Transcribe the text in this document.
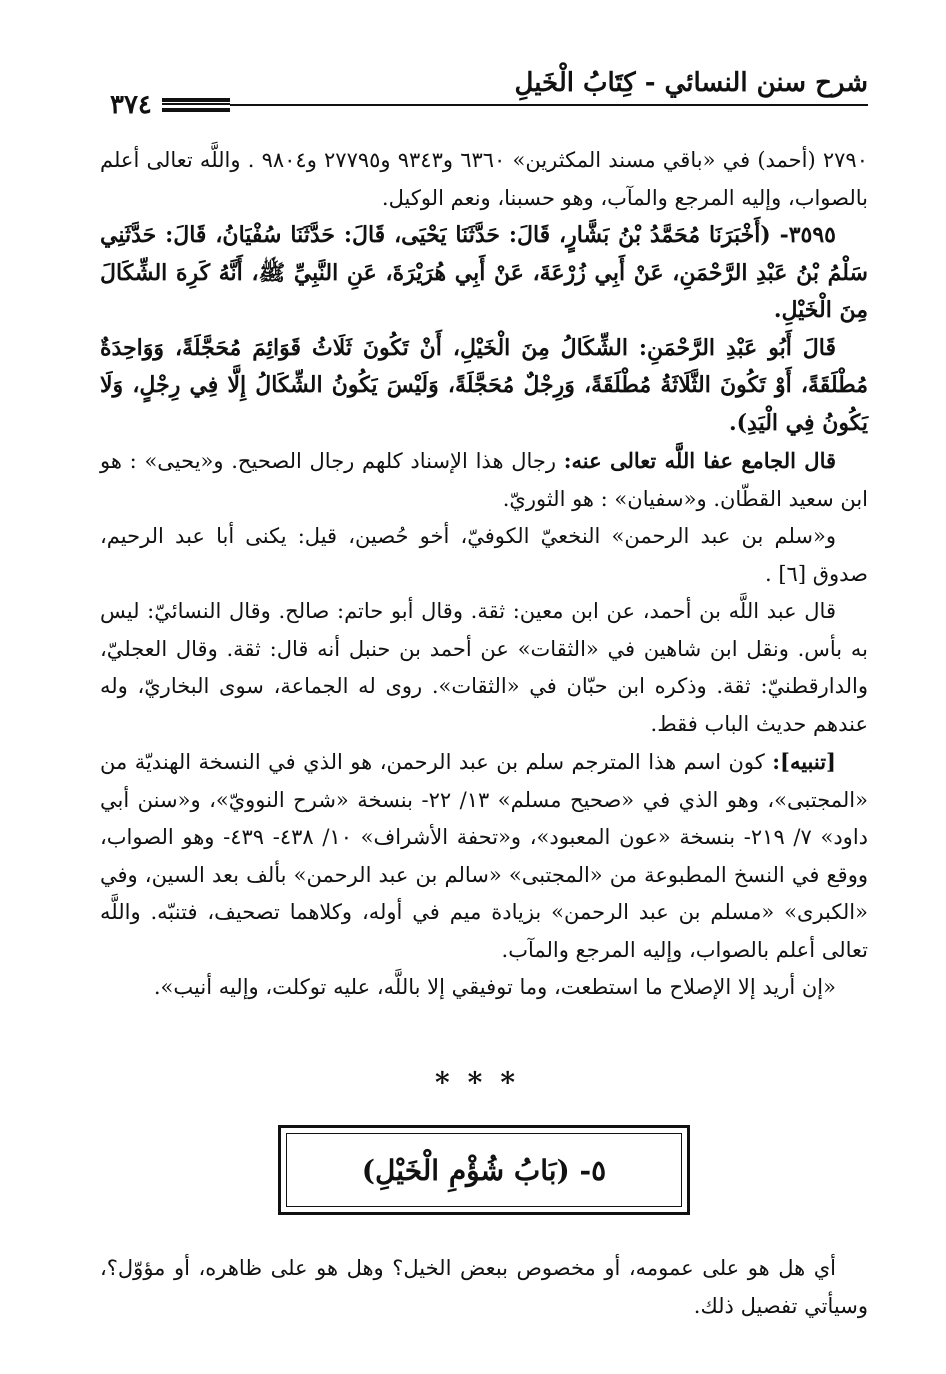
شرح سنن النسائي - كِتَابُ الْخَيلِ
٣٧٤

٢٧٩٠ (أحمد) في «باقي مسند المكثرين» ٦٣٦٠ و٩٣٤٣ و٢٧٧٩٥ و٩٨٠٤ . واللَّه تعالى أعلم بالصواب، وإليه المرجع والمآب، وهو حسبنا، ونعم الوكيل.

٣٥٩٥- (أَخْبَرَنَا مُحَمَّدُ بْنُ بَشَّارٍ، قَالَ: حَدَّثَنَا يَحْيَى، قَالَ: حَدَّثَنَا سُفْيَانُ، قَالَ: حَدَّثَنِي سَلْمُ بْنُ عَبْدِ الرَّحْمَنِ، عَنْ أَبِي زُرْعَةَ، عَنْ أَبِي هُرَيْرَةَ، عَنِ النَّبِيِّ ﷺ، أَنَّهُ كَرِهَ الشِّكَالَ مِنَ الْخَيْلِ.

قَالَ أَبُو عَبْدِ الرَّحْمَنِ: الشِّكَالُ مِنَ الْخَيْلِ، أَنْ تَكُونَ ثَلَاثُ قَوَائِمَ مُحَجَّلَةً، وَوَاحِدَةٌ مُطْلَقَةً، أَوْ تَكُونَ الثَّلَاثَةُ مُطْلَقَةً، وَرِجْلٌ مُحَجَّلَةً، وَلَيْسَ يَكُونُ الشِّكَالُ إِلَّا فِي رِجْلٍ، وَلَا يَكُونُ فِي الْيَدِ).

قال الجامع عفا اللَّه تعالى عنه: رجال هذا الإسناد كلهم رجال الصحيح. و«يحيى» : هو ابن سعيد القطّان. و«سفيان» : هو الثوريّ.

و«سلم بن عبد الرحمن» النخعيّ الكوفيّ، أخو حُصين، قيل: يكنى أبا عبد الرحيم، صدوق [٦] .

قال عبد اللَّه بن أحمد، عن ابن معين: ثقة. وقال أبو حاتم: صالح. وقال النسائيّ: ليس به بأس. ونقل ابن شاهين في «الثقات» عن أحمد بن حنبل أنه قال: ثقة. وقال العجليّ، والدارقطنيّ: ثقة. وذكره ابن حبّان في «الثقات». روى له الجماعة، سوى البخاريّ، وله عندهم حديث الباب فقط.

[تنبيه]: كون اسم هذا المترجم سلم بن عبد الرحمن، هو الذي في النسخة الهنديّة من «المجتبى»، وهو الذي في «صحيح مسلم» ١٣/ ٢٢- بنسخة «شرح النوويّ»، و«سنن أبي داود» ٧/ ٢١٩- بنسخة «عون المعبود»، و«تحفة الأشراف» ١٠/ ٤٣٨- ٤٣٩- وهو الصواب، ووقع في النسخ المطبوعة من «المجتبى» «سالم بن عبد الرحمن» بألف بعد السين، وفي «الكبرى» «مسلم بن عبد الرحمن» بزيادة ميم في أوله، وكلاهما تصحيف، فتنبّه. واللَّه تعالى أعلم بالصواب، وإليه المرجع والمآب.

«إن أريد إلا الإصلاح ما استطعت، وما توفيقي إلا باللَّه، عليه توكلت، وإليه أنيب».

***
٥- (بَابُ شُؤْمِ الْخَيْلِ)

أي هل هو على عمومه، أو مخصوص ببعض الخيل؟ وهل هو على ظاهره، أو مؤوّل؟، وسيأتي تفصيل ذلك.
